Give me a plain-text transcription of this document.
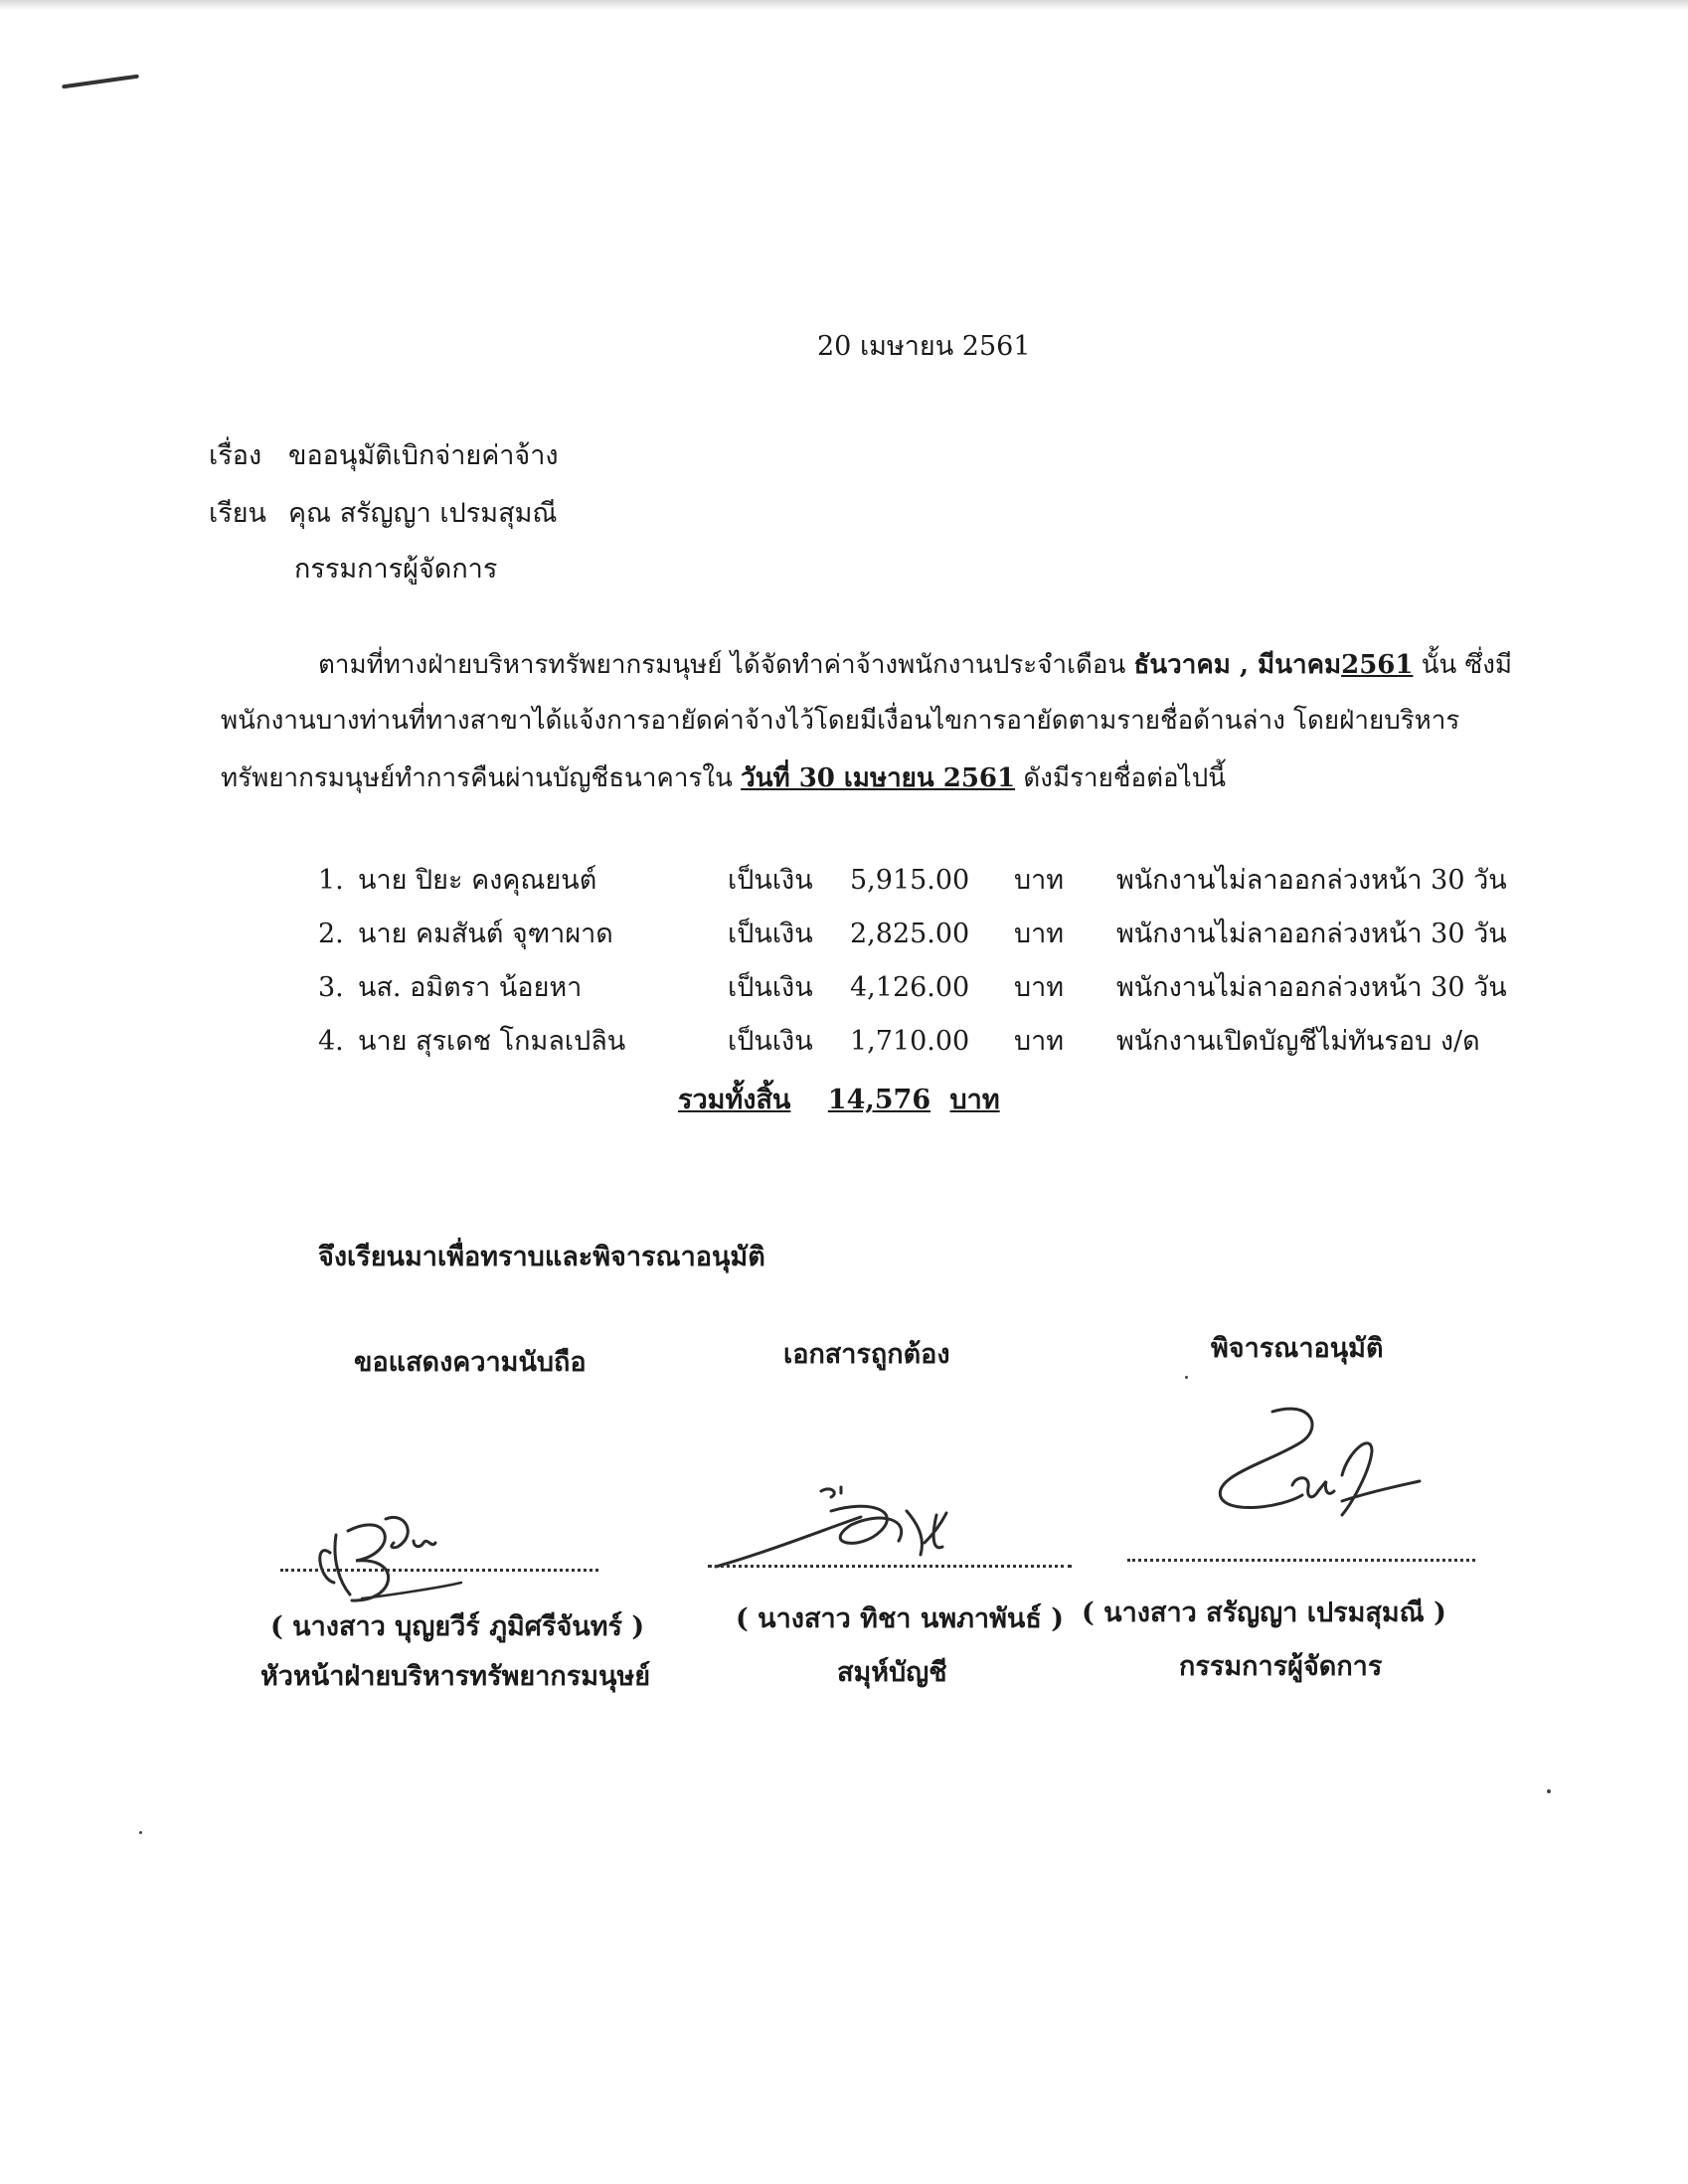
20 เมษายน 2561
เรื่อง ขออนุมัติเบิกจ่ายค่าจ้าง
เรียน คุณ สรัญญา เปรมสุมณี
กรรมการผู้จัดการ
ตามที่ทางฝ่ายบริหารทรัพยากรมนุษย์ ได้จัดทำค่าจ้างพนักงานประจำเดือน ธันวาคม , มีนาคม2561 นั้น ซึ่งมี
พนักงานบางท่านที่ทางสาขาได้แจ้งการอายัดค่าจ้างไว้โดยมีเงื่อนไขการอายัดตามรายชื่อด้านล่าง โดยฝ่ายบริหาร
ทรัพยากรมนุษย์ทำการคืนผ่านบัญชีธนาคารใน วันที่ 30 เมษายน 2561 ดังมีรายชื่อต่อไปนี้
1. นาย ปิยะ คงคุณยนต์	เป็นเงิน 5,915.00 บาท พนักงานไม่ลาออกล่วงหน้า 30 วัน
2. นาย คมสันต์ จุฑาผาด	เป็นเงิน 2,825.00 บาท พนักงานไม่ลาออกล่วงหน้า 30 วัน
3. นส. อมิตรา น้อยหา	เป็นเงิน 4,126.00 บาท พนักงานไม่ลาออกล่วงหน้า 30 วัน
4. นาย สุรเดช โกมลเปลิน	เป็นเงิน 1,710.00 บาท พนักงานเปิดบัญชีไม่ทันรอบ ง/ด
รวมทั้งสิ้น 14,576 บาท
จึงเรียนมาเพื่อทราบและพิจารณาอนุมัติ
ขอแสดงความนับถือ	เอกสารถูกต้อง	พิจารณาอนุมัติ
( นางสาว บุญยวีร์ ภูมิศรีจันทร์ )	( นางสาว ทิชา นพภาพันธ์ ) ( นางสาว สรัญญา เปรมสุมณี )
หัวหน้าฝ่ายบริหารทรัพยากรมนุษย์	สมุห์บัญชี	กรรมการผู้จัดการ
